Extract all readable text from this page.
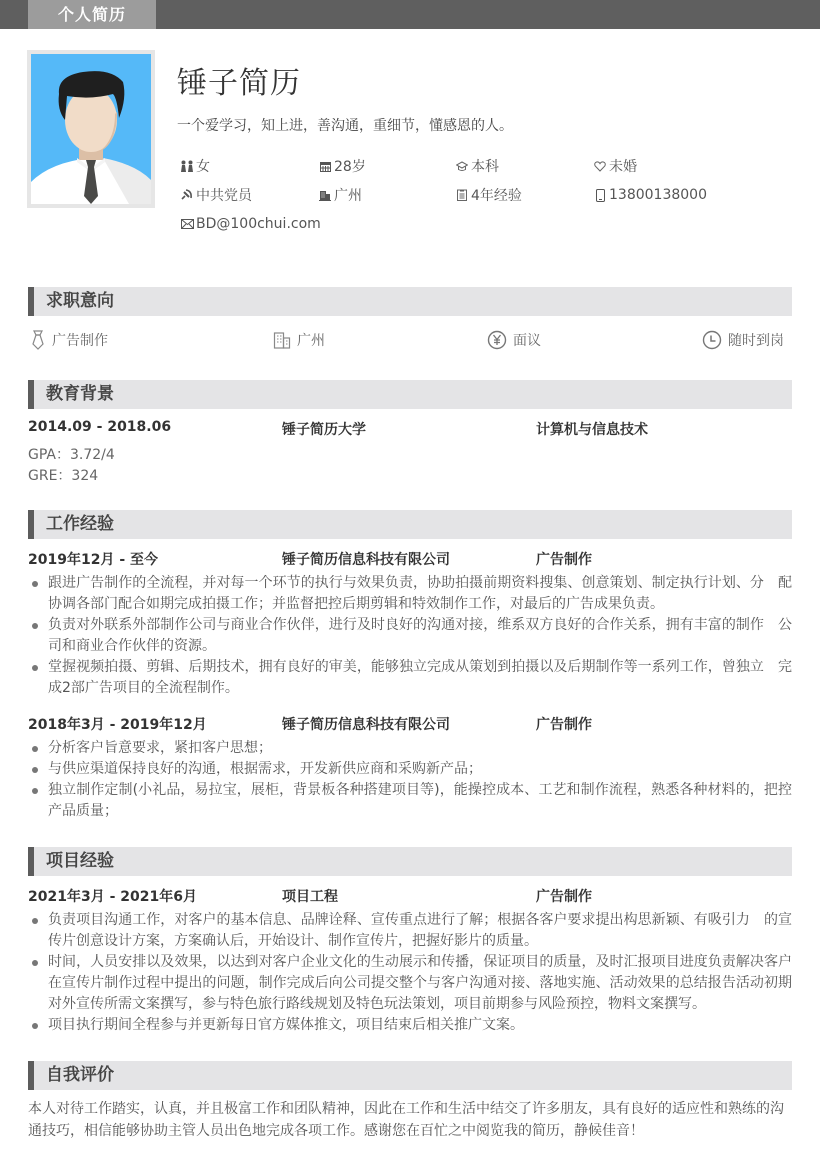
个人简历
锤子简历
一个爱学习，知上进，善沟通，重细节，懂感恩的人。
女	28岁	本科	未婚
中共党员	广州	4年经验	13800138000
BD@100chui.com
求职意向
广告制作	广州	面议	随时到岗
教育背景
2014.09 - 2018.06	锤子简历大学	计算机与信息技术
GPA：3.72/4
GRE：324
工作经验
2019年12月 - 至今	锤子简历信息科技有限公司	广告制作
跟进广告制作的全流程，并对每一个环节的执行与效果负责，协助拍摄前期资料搜集、创意策划、制定执行计划、分　配协调各部门配合如期完成拍摄工作；并监督把控后期剪辑和特效制作工作，对最后的广告成果负责。
负责对外联系外部制作公司与商业合作伙伴，进行及时良好的沟通对接，维系双方良好的合作关系，拥有丰富的制作　公司和商业合作伙伴的资源。
堂握视频拍摄、剪辑、后期技术，拥有良好的审美，能够独立完成从策划到拍摄以及后期制作等一系列工作，曾独立　完成2部广告项目的全流程制作。
2018年3月 - 2019年12月	锤子简历信息科技有限公司	广告制作
分析客户旨意要求，紧扣客户思想；
与供应渠道保持良好的沟通，根据需求，开发新供应商和采购新产品；
独立制作定制(小礼品，易拉宝，展柜，背景板各种搭建项目等)，能操控成本、工艺和制作流程，熟悉各种材料的，把控产品质量；
项目经验
2021年3月 - 2021年6月	项目工程	广告制作
负责项目沟通工作，对客户的基本信息、品牌诠释、宣传重点进行了解；根据各客户要求提出构思新颖、有吸引力　的宣传片创意设计方案，方案确认后，开始设计、制作宣传片，把握好影片的质量。
时间，人员安排以及效果，以达到对客户企业文化的生动展示和传播，保证项目的质量，及时汇报项目进度负责解决客户在宣传片制作过程中提出的问题，制作完成后向公司提交整个与客户沟通对接、落地实施、活动效果的总结报告活动初期对外宣传所需文案撰写，参与特色旅行路线规划及特色玩法策划，项目前期参与风险预控，物料文案撰写。
项目执行期间全程参与并更新每日官方媒体推文，项目结束后相关推广文案。
自我评价
本人对待工作踏实，认真，并且极富工作和团队精神，因此在工作和生活中结交了许多朋友，具有良好的适应性和熟练的沟通技巧，相信能够协助主管人员出色地完成各项工作。感谢您在百忙之中阅览我的简历，静候佳音！
